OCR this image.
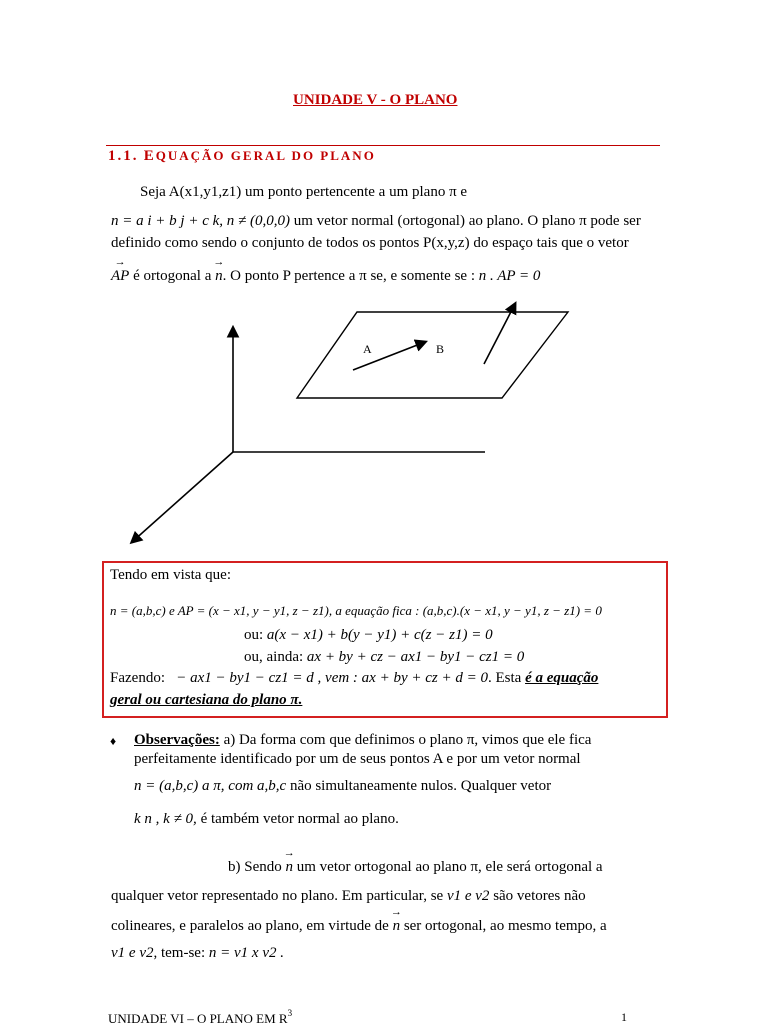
UNIDADE V - O PLANO
1.1. EQUAÇÃO GERAL DO PLANO
Seja A(x1,y1,z1) um ponto pertencente a um plano π e
n = a i + b j + c k, n ≠ (0,0,0) um vetor normal (ortogonal) ao plano. O plano π pode ser
definido como sendo o conjunto de todos os pontos P(x,y,z) do espaço tais que o vetor
→ AP é ortogonal a → n. O ponto P pertence a π se, e somente se : n . AP = 0
A	B
Tendo em vista que:
n = (a,b,c) e AP = (x − x1, y − y1, z − z1), a equação fica : (a,b,c).(x − x1, y − y1, z − z1) = 0
ou: a(x − x1) + b(y − y1) + c(z − z1) = 0
ou, ainda: ax + by + cz − ax1 − by1 − cz1 = 0
Fazendo: − ax1 − by1 − cz1 = d , vem : ax + by + cz + d = 0. Esta é a equação
geral ou cartesiana do plano π.
♦ Observações: a) Da forma com que definimos o plano π, vimos que ele fica
perfeitamente identificado por um de seus pontos A e por um vetor normal
n = (a,b,c) a π, com a,b,c não simultaneamente nulos. Qualquer vetor
k n , k ≠ 0, é também vetor normal ao plano.
b) Sendo → n um vetor ortogonal ao plano π, ele será ortogonal a
qualquer vetor representado no plano. Em particular, se v1 e v2 são vetores não
colineares, e paralelos ao plano, em virtude de → n ser ortogonal, ao mesmo tempo, a
v1 e v2, tem-se: n = v1 x v2 .
UNIDADE VI – O PLANO EM $R^3$	1
